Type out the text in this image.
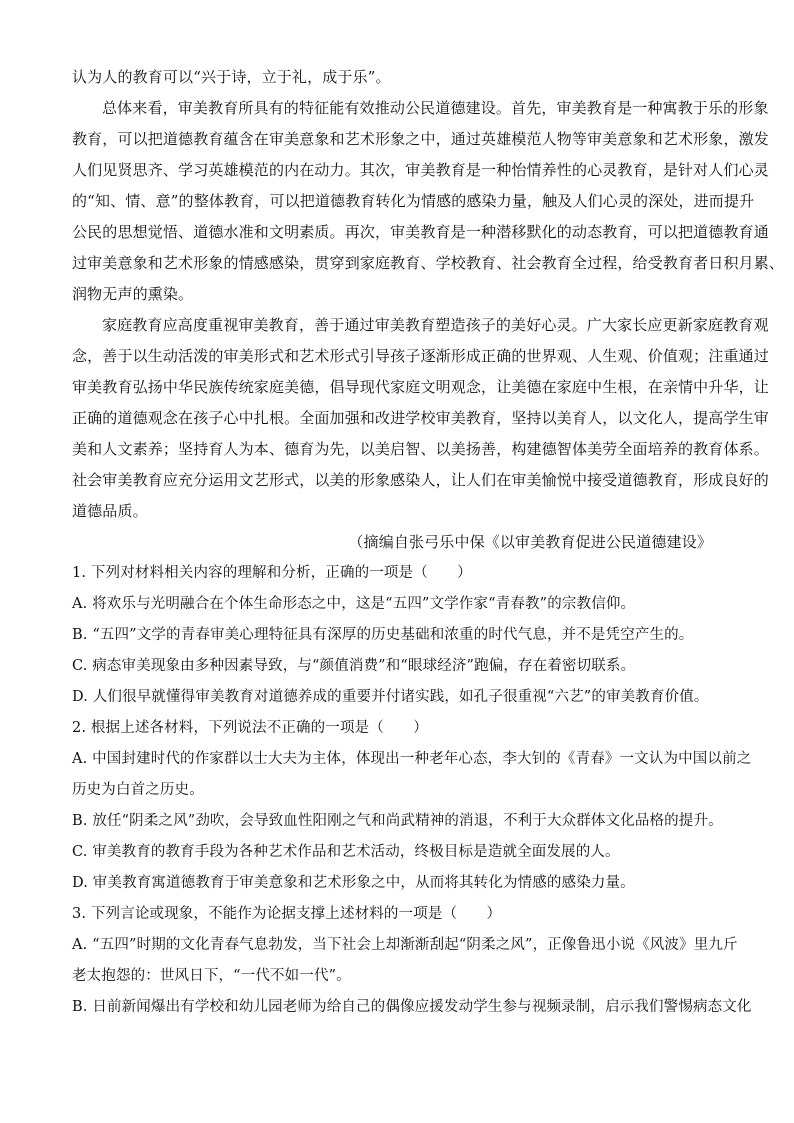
认为人的教育可以“兴于诗，立于礼，成于乐”。
总体来看，审美教育所具有的特征能有效推动公民道德建设。首先，审美教育是一种寓教于乐的形象
教育，可以把道德教育蕴含在审美意象和艺术形象之中，通过英雄模范人物等审美意象和艺术形象，激发
人们见贤思齐、学习英雄模范的内在动力。其次，审美教育是一种怡情养性的心灵教育，是针对人们心灵
的“知、情、意”的整体教育，可以把道德教育转化为情感的感染力量，触及人们心灵的深处，进而提升
公民的思想觉悟、道德水准和文明素质。再次，审美教育是一种潜移默化的动态教育，可以把道德教育通
过审美意象和艺术形象的情感感染，贯穿到家庭教育、学校教育、社会教育全过程，给受教育者日积月累、
润物无声的熏染。
家庭教育应高度重视审美教育，善于通过审美教育塑造孩子的美好心灵。广大家长应更新家庭教育观
念，善于以生动活泼的审美形式和艺术形式引导孩子逐渐形成正确的世界观、人生观、价值观；注重通过
审美教育弘扬中华民族传统家庭美德，倡导现代家庭文明观念，让美德在家庭中生根，在亲情中升华，让
正确的道德观念在孩子心中扎根。全面加强和改进学校审美教育，坚持以美育人，以文化人，提高学生审
美和人文素养；坚持育人为本、德育为先，以美启智、以美扬善，构建德智体美劳全面培养的教育体系。
社会审美教育应充分运用文艺形式，以美的形象感染人，让人们在审美愉悦中接受道德教育，形成良好的
道德品质。
（摘编自张弓乐中保《以审美教育促进公民道德建设》
1. 下列对材料相关内容的理解和分析，正确的一项是（　　）
A. 将欢乐与光明融合在个体生命形态之中，这是“五四”文学作家“青春教”的宗教信仰。
B. “五四”文学的青春审美心理特征具有深厚的历史基础和浓重的时代气息，并不是凭空产生的。
C. 病态审美现象由多种因素导致，与“颜值消费”和“眼球经济”跑偏，存在着密切联系。
D. 人们很早就懂得审美教育对道德养成的重要并付诸实践，如孔子很重视“六艺”的审美教育价值。
2. 根据上述各材料，下列说法不正确的一项是（　　）
A. 中国封建时代的作家群以士大夫为主体，体现出一种老年心态，李大钊的《青春》一文认为中国以前之
历史为白首之历史。
B. 放任“阴柔之风”劲吹，会导致血性阳刚之气和尚武精神的消退，不利于大众群体文化品格的提升。
C. 审美教育的教育手段为各种艺术作品和艺术活动，终极目标是造就全面发展的人。
D. 审美教育寓道德教育于审美意象和艺术形象之中，从而将其转化为情感的感染力量。
3. 下列言论或现象，不能作为论据支撑上述材料的一项是（　　）
A. “五四”时期的文化青春气息勃发，当下社会上却渐渐刮起“阴柔之风”，正像鲁迅小说《风波》里九斤
老太抱怨的：世风日下，“一代不如一代”。
B. 日前新闻爆出有学校和幼儿园老师为给自己的偶像应援发动学生参与视频录制，启示我们警惕病态文化
